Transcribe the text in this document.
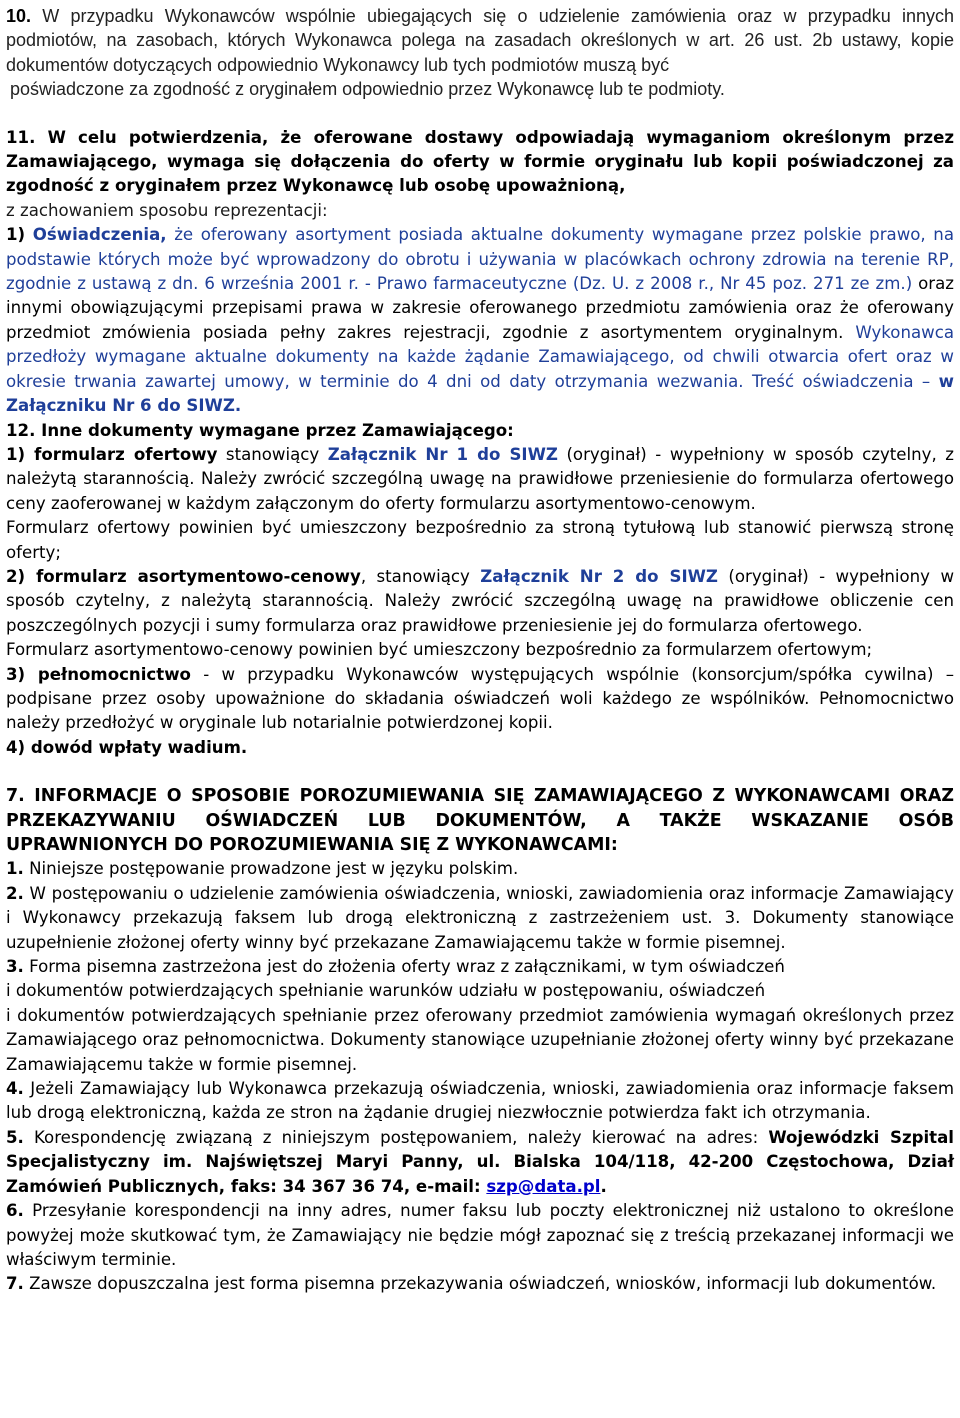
10. W przypadku Wykonawców wspólnie ubiegających się o udzielenie zamówienia oraz w przypadku innych podmiotów, na zasobach, których Wykonawca polega na zasadach określonych w art. 26 ust. 2b ustawy, kopie dokumentów dotyczących odpowiednio Wykonawcy lub tych podmiotów muszą być
poświadczone za zgodność z oryginałem odpowiednio przez Wykonawcę lub te podmioty.

11. W celu potwierdzenia, że oferowane dostawy odpowiadają wymaganiom określonym przez Zamawiającego, wymaga się dołączenia do oferty w formie oryginału lub kopii poświadczonej za zgodność z oryginałem przez Wykonawcę lub osobę upoważnioną,
z zachowaniem sposobu reprezentacji:
1) Oświadczenia, że oferowany asortyment posiada aktualne dokumenty wymagane przez polskie prawo, na podstawie których może być wprowadzony do obrotu i używania w placówkach ochrony zdrowia na terenie RP, zgodnie z ustawą z dn. 6 września 2001 r. - Prawo farmaceutyczne (Dz. U. z 2008 r., Nr 45 poz. 271 ze zm.) oraz innymi obowiązującymi przepisami prawa w zakresie oferowanego przedmiotu zamówienia oraz że oferowany przedmiot zmówienia posiada pełny zakres rejestracji, zgodnie z asortymentem oryginalnym. Wykonawca przedłoży wymagane aktualne dokumenty na każde żądanie Zamawiającego, od chwili otwarcia ofert oraz w okresie trwania zawartej umowy, w terminie do 4 dni od daty otrzymania wezwania. Treść oświadczenia – w Załączniku Nr 6 do SIWZ.

12. Inne dokumenty wymagane przez Zamawiającego:
1) formularz ofertowy stanowiący Załącznik Nr 1 do SIWZ (oryginał) - wypełniony w sposób czytelny, z należytą starannością. Należy zwrócić szczególną uwagę na prawidłowe przeniesienie do formularza ofertowego ceny zaoferowanej w każdym załączonym do oferty formularzu asortymentowo-cenowym.
Formularz ofertowy powinien być umieszczony bezpośrednio za stroną tytułową lub stanowić pierwszą stronę oferty;
2) formularz asortymentowo-cenowy, stanowiący Załącznik Nr 2 do SIWZ (oryginał) - wypełniony w sposób czytelny, z należytą starannością. Należy zwrócić szczególną uwagę na prawidłowe obliczenie cen poszczególnych pozycji i sumy formularza oraz prawidłowe przeniesienie jej do formularza ofertowego.
Formularz asortymentowo-cenowy powinien być umieszczony bezpośrednio za formularzem ofertowym;
3) pełnomocnictwo - w przypadku Wykonawców występujących wspólnie (konsorcjum/spółka cywilna) – podpisane przez osoby upoważnione do składania oświadczeń woli każdego ze wspólników. Pełnomocnictwo należy przedłożyć w oryginale lub notarialnie potwierdzonej kopii.
4) dowód wpłaty wadium.

7. INFORMACJE O SPOSOBIE POROZUMIEWANIA SIĘ ZAMAWIAJĄCEGO Z WYKONAWCAMI ORAZ PRZEKAZYWANIU OŚWIADCZEŃ LUB DOKUMENTÓW, A TAKŻE WSKAZANIE OSÓB UPRAWNIONYCH DO POROZUMIEWANIA SIĘ Z WYKONAWCAMI:

1. Niniejsze postępowanie prowadzone jest w języku polskim.

2. W postępowaniu o udzielenie zamówienia oświadczenia, wnioski, zawiadomienia oraz informacje Zamawiający i Wykonawcy przekazują faksem lub drogą elektroniczną z zastrzeżeniem ust. 3. Dokumenty stanowiące uzupełnienie złożonej oferty winny być przekazane Zamawiającemu także w formie pisemnej.

3. Forma pisemna zastrzeżona jest do złożenia oferty wraz z załącznikami, w tym oświadczeń
i dokumentów potwierdzających spełnianie warunków udziału w postępowaniu, oświadczeń
i dokumentów potwierdzających spełnianie przez oferowany przedmiot zamówienia wymagań określonych przez Zamawiającego oraz pełnomocnictwa. Dokumenty stanowiące uzupełnianie złożonej oferty winny być przekazane Zamawiającemu także w formie pisemnej.

4. Jeżeli Zamawiający lub Wykonawca przekazują oświadczenia, wnioski, zawiadomienia oraz informacje faksem lub drogą elektroniczną, każda ze stron na żądanie drugiej niezwłocznie potwierdza fakt ich otrzymania.

5. Korespondencję związaną z niniejszym postępowaniem, należy kierować na adres: Wojewódzki Szpital Specjalistyczny im. Najświętszej Maryi Panny, ul. Bialska 104/118, 42-200 Częstochowa, Dział Zamówień Publicznych, faks: 34 367 36 74, e-mail: szp@data.pl.

6. Przesyłanie korespondencji na inny adres, numer faksu lub poczty elektronicznej niż ustalono to określone powyżej może skutkować tym, że Zamawiający nie będzie mógł zapoznać się z treścią przekazanej informacji we właściwym terminie.

7. Zawsze dopuszczalna jest forma pisemna przekazywania oświadczeń, wniosków, informacji lub dokumentów.
